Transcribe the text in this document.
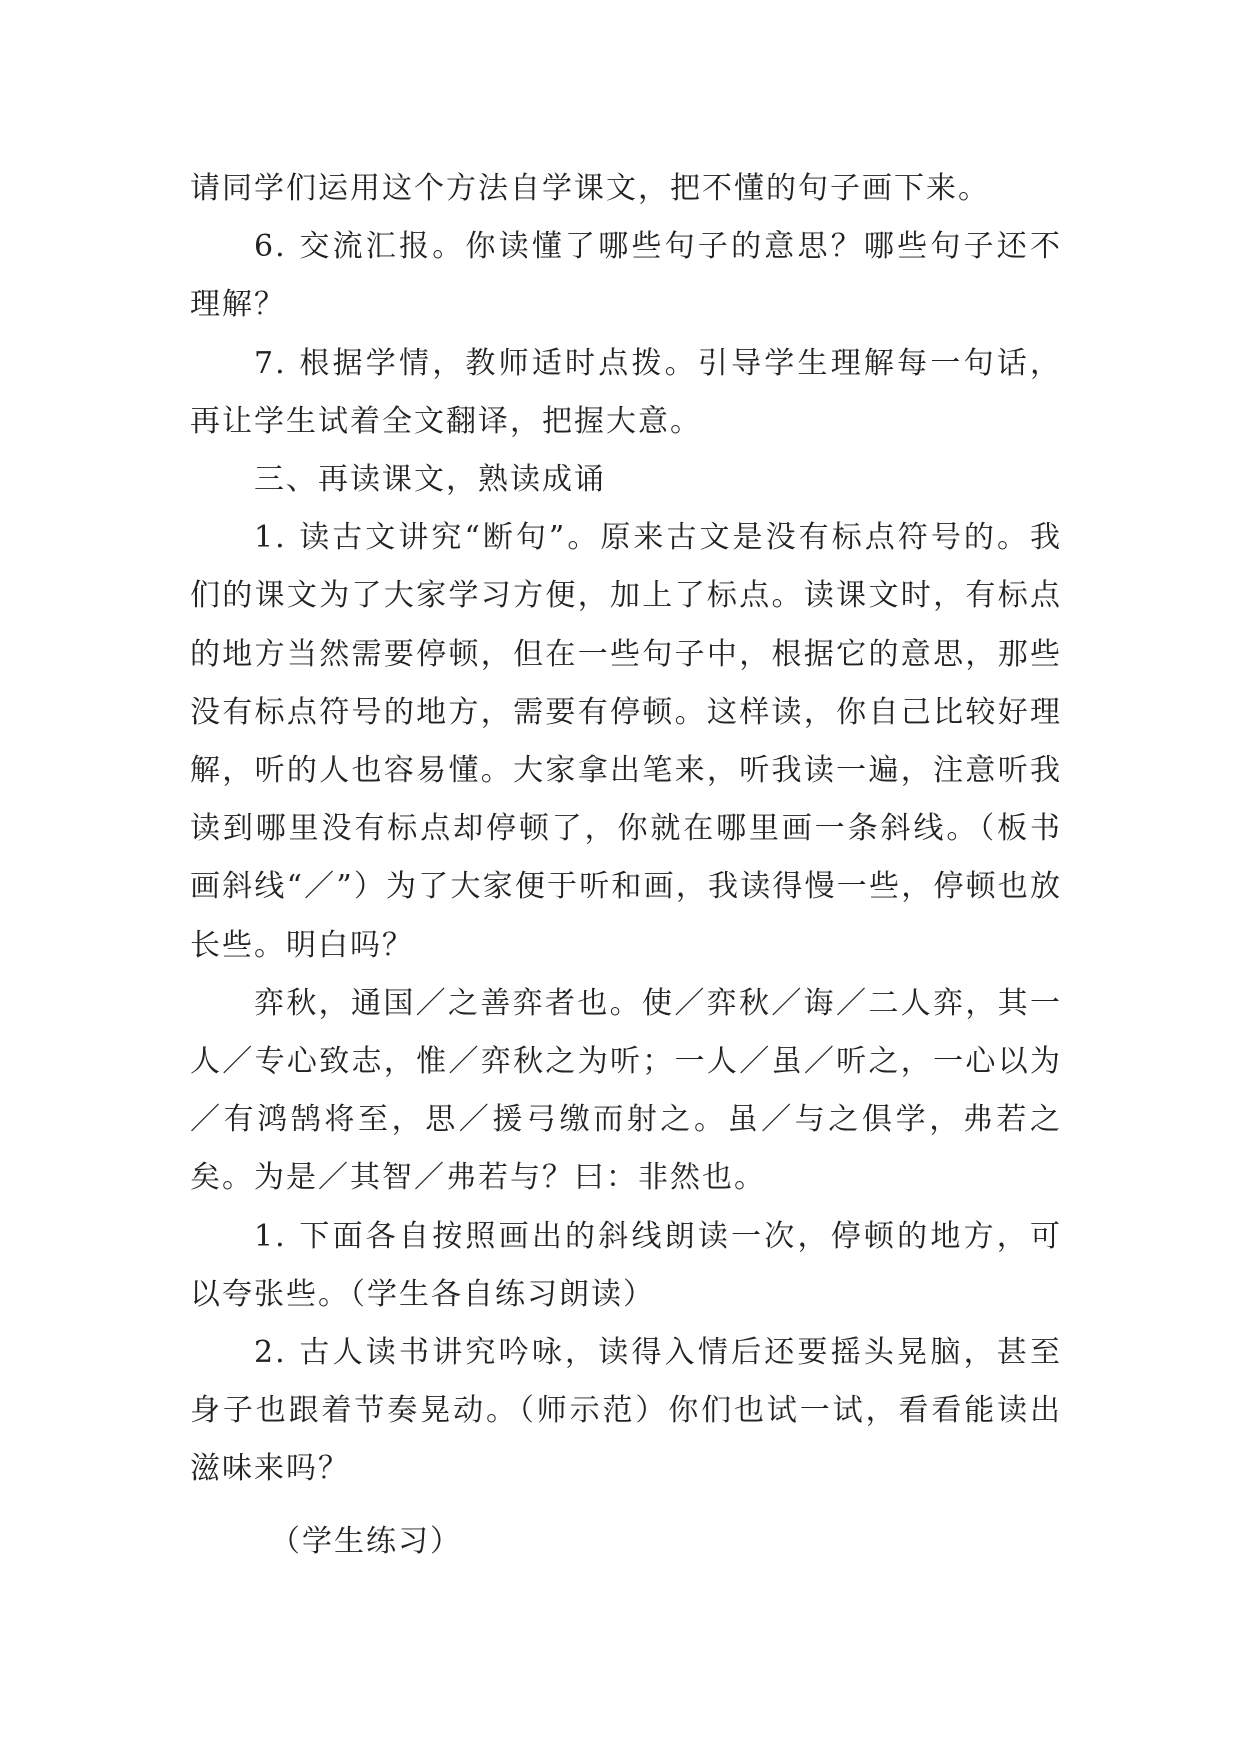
请同学们运用这个方法自学课文，把不懂的句子画下来。

6. 交流汇报。你读懂了哪些句子的意思？哪些句子还不理解？

7. 根据学情，教师适时点拨。引导学生理解每一句话，再让学生试着全文翻译，把握大意。

三、再读课文，熟读成诵

1. 读古文讲究“断句”。原来古文是没有标点符号的。我们的课文为了大家学习方便，加上了标点。读课文时，有标点的地方当然需要停顿，但在一些句子中，根据它的意思，那些没有标点符号的地方，需要有停顿。这样读，你自己比较好理解，听的人也容易懂。大家拿出笔来，听我读一遍，注意听我读到哪里没有标点却停顿了，你就在哪里画一条斜线。（板书画斜线“／”）为了大家便于听和画，我读得慢一些，停顿也放长些。明白吗？

弈秋，通国／之善弈者也。使／弈秋／诲／二人弈，其一人／专心致志，惟／弈秋之为听；一人／虽／听之，一心以为／有鸿鹄将至，思／援弓缴而射之。虽／与之俱学，弗若之矣。为是／其智／弗若与？曰：非然也。

1. 下面各自按照画出的斜线朗读一次，停顿的地方，可以夸张些。（学生各自练习朗读）

2. 古人读书讲究吟咏，读得入情后还要摇头晃脑，甚至身子也跟着节奏晃动。（师示范）你们也试一试，看看能读出滋味来吗？

（学生练习）
